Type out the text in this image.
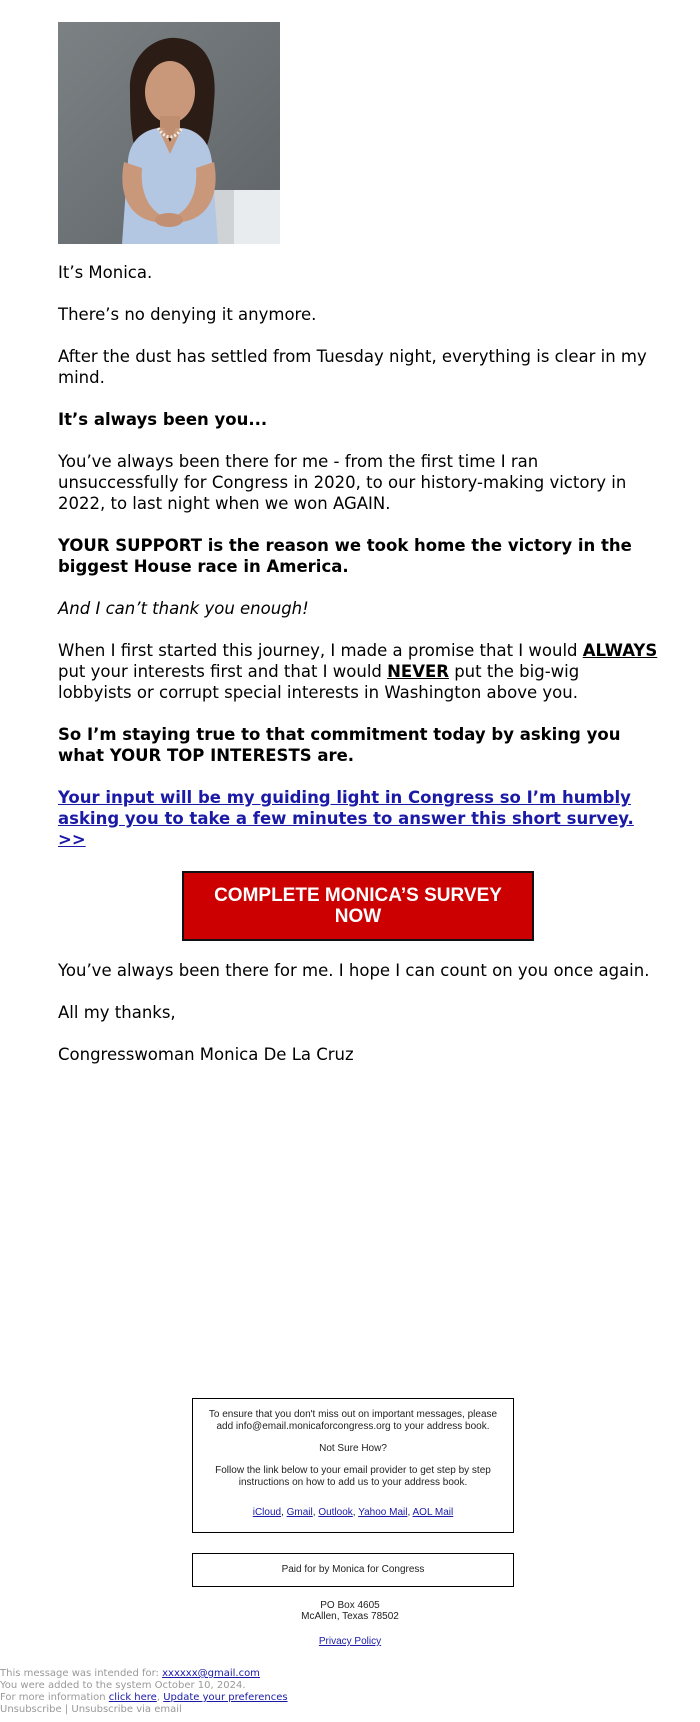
It’s Monica.

There’s no denying it anymore.

After the dust has settled from Tuesday night, everything is clear in my mind.

It’s always been you...

You’ve always been there for me - from the first time I ran unsuccessfully for Congress in 2020, to our history-making victory in 2022, to last night when we won AGAIN.

YOUR SUPPORT is the reason we took home the victory in the biggest House race in America.

And I can’t thank you enough!

When I first started this journey, I made a promise that I would ALWAYS put your interests first and that I would NEVER put the big-wig lobbyists or corrupt special interests in Washington above you.

So I’m staying true to that commitment today by asking you what YOUR TOP INTERESTS are.

Your input will be my guiding light in Congress so I’m humbly asking you to take a few minutes to answer this short survey. >>

COMPLETE MONICA’S SURVEY NOW

You’ve always been there for me. I hope I can count on you once again.

All my thanks,

Congresswoman Monica De La Cruz

To ensure that you don't miss out on important messages, please add info@email.monicaforcongress.org to your address book.

Not Sure How?

Follow the link below to your email provider to get step by step instructions on how to add us to your address book.

iCloud, Gmail, Outlook, Yahoo Mail, AOL Mail

Paid for by Monica for Congress
PO Box 4605
McAllen, Texas 78502
Privacy Policy
This message was intended for: xxxxxx@gmail.com
You were added to the system October 10, 2024.
For more information click here, Update your preferences
Unsubscribe | Unsubscribe via email
